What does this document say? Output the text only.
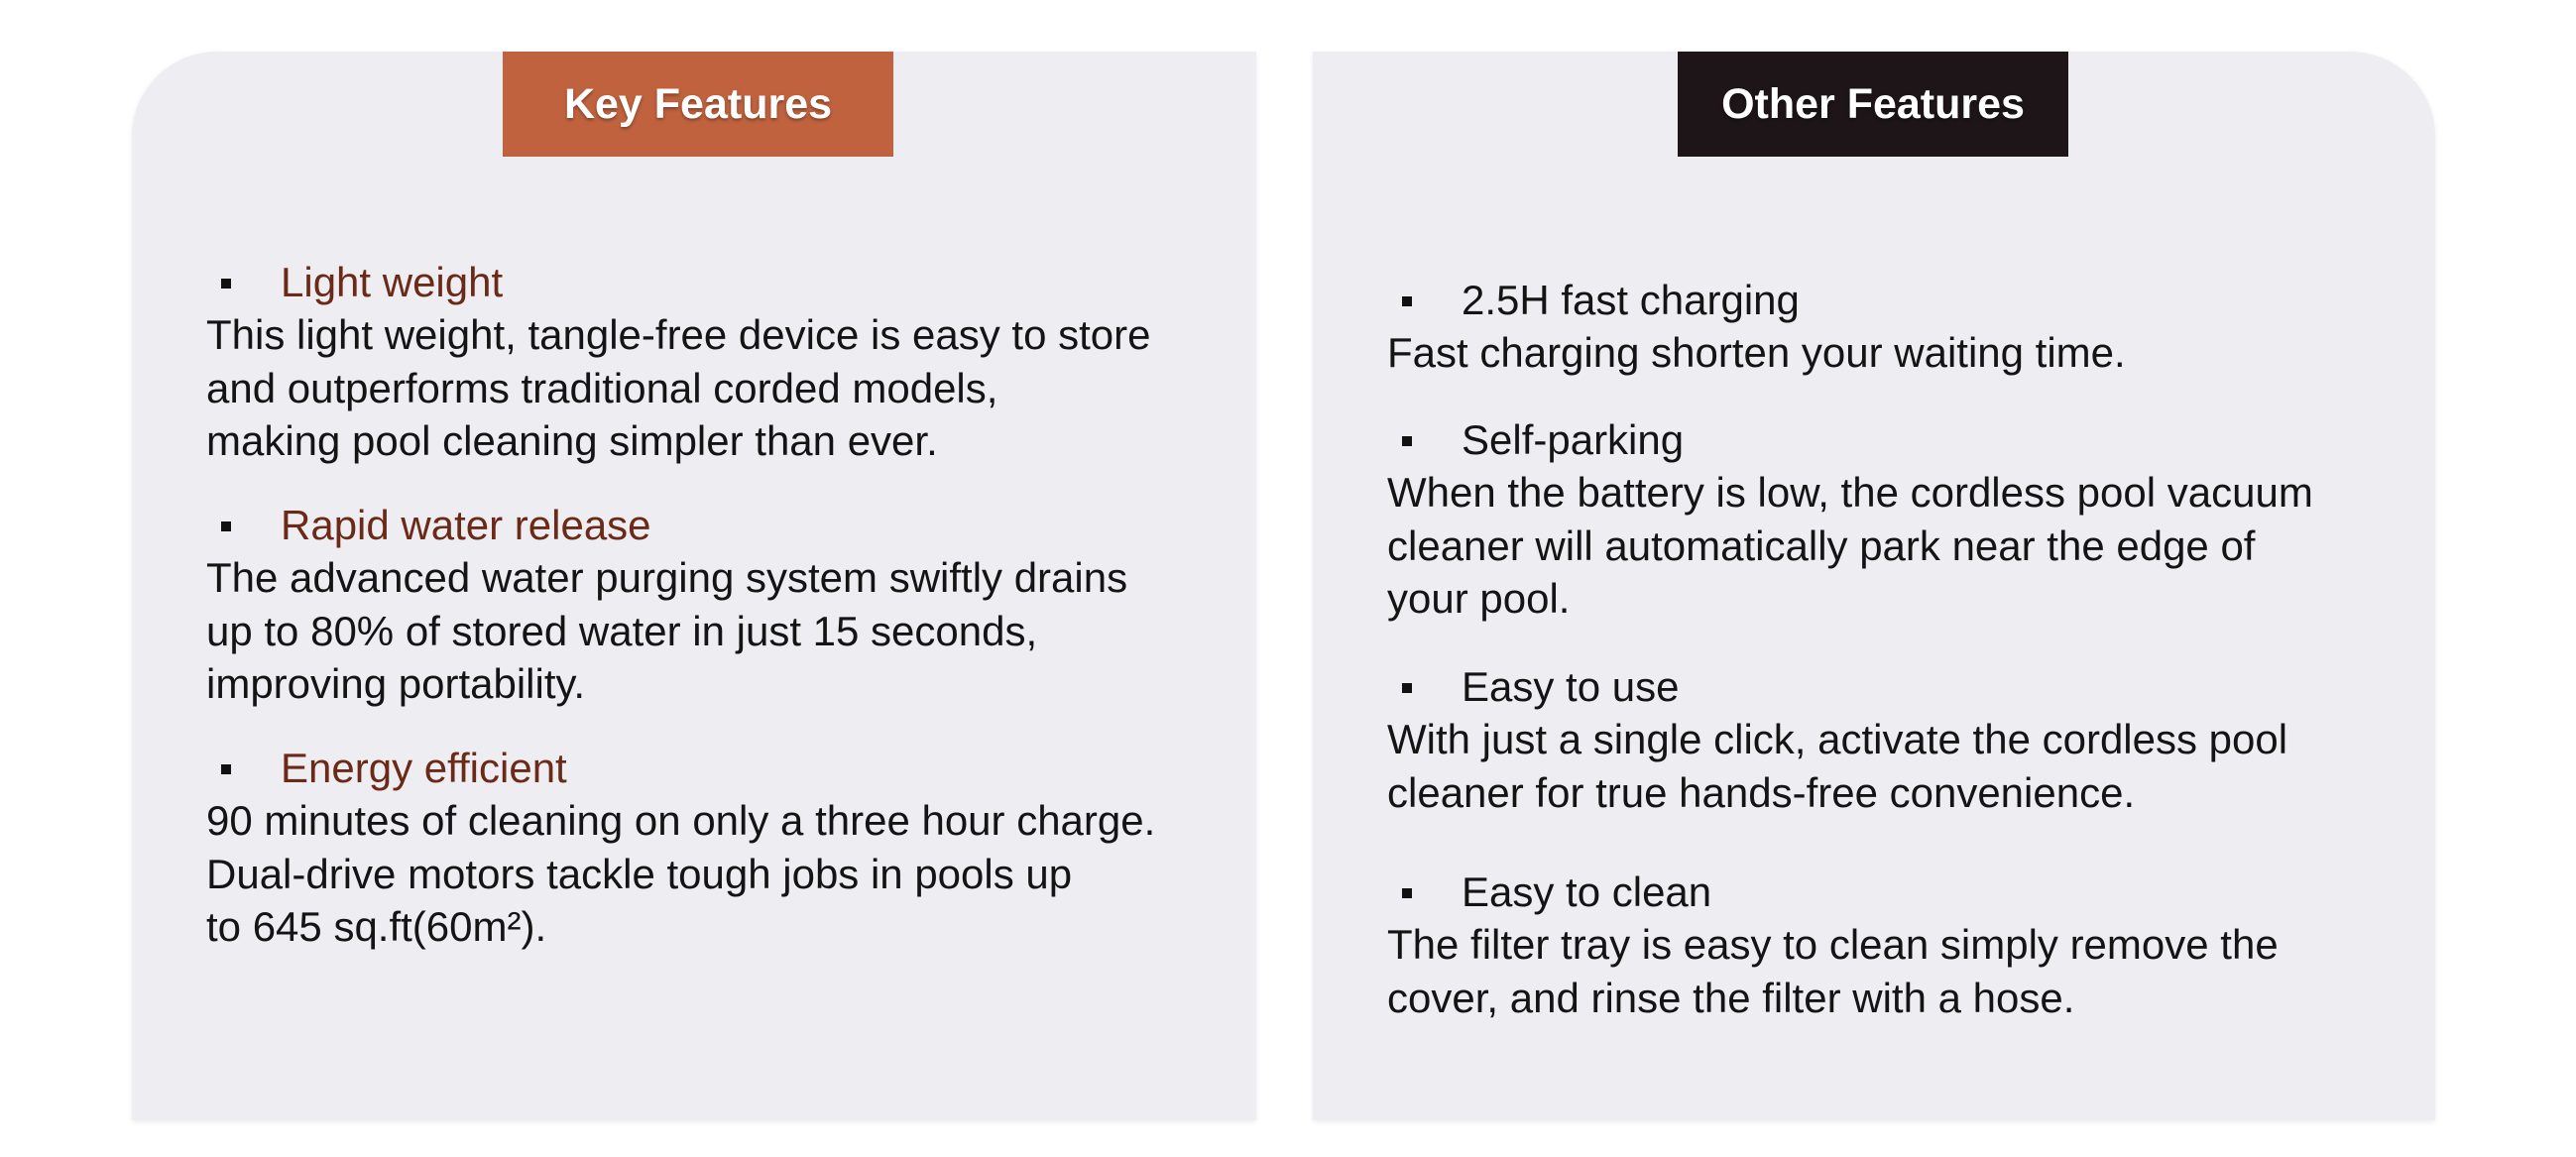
Key Features
Light weight
This light weight, tangle-free device is easy to store
and outperforms traditional corded models,
making pool cleaning simpler than ever.
Rapid water release
The advanced water purging system swiftly drains
up to 80% of stored water in just 15 seconds,
improving portability.
Energy efficient
90 minutes of cleaning on only a three hour charge.
Dual-drive motors tackle tough jobs in pools up
to 645 sq.ft(60m²).
Other Features
2.5H fast charging
Fast charging shorten your waiting time.
Self-parking
When the battery is low, the cordless pool vacuum
cleaner will automatically park near the edge of
your pool.
Easy to use
With just a single click, activate the cordless pool
cleaner for true hands-free convenience.
Easy to clean
The filter tray is easy to clean simply remove the
cover, and rinse the filter with a hose.
